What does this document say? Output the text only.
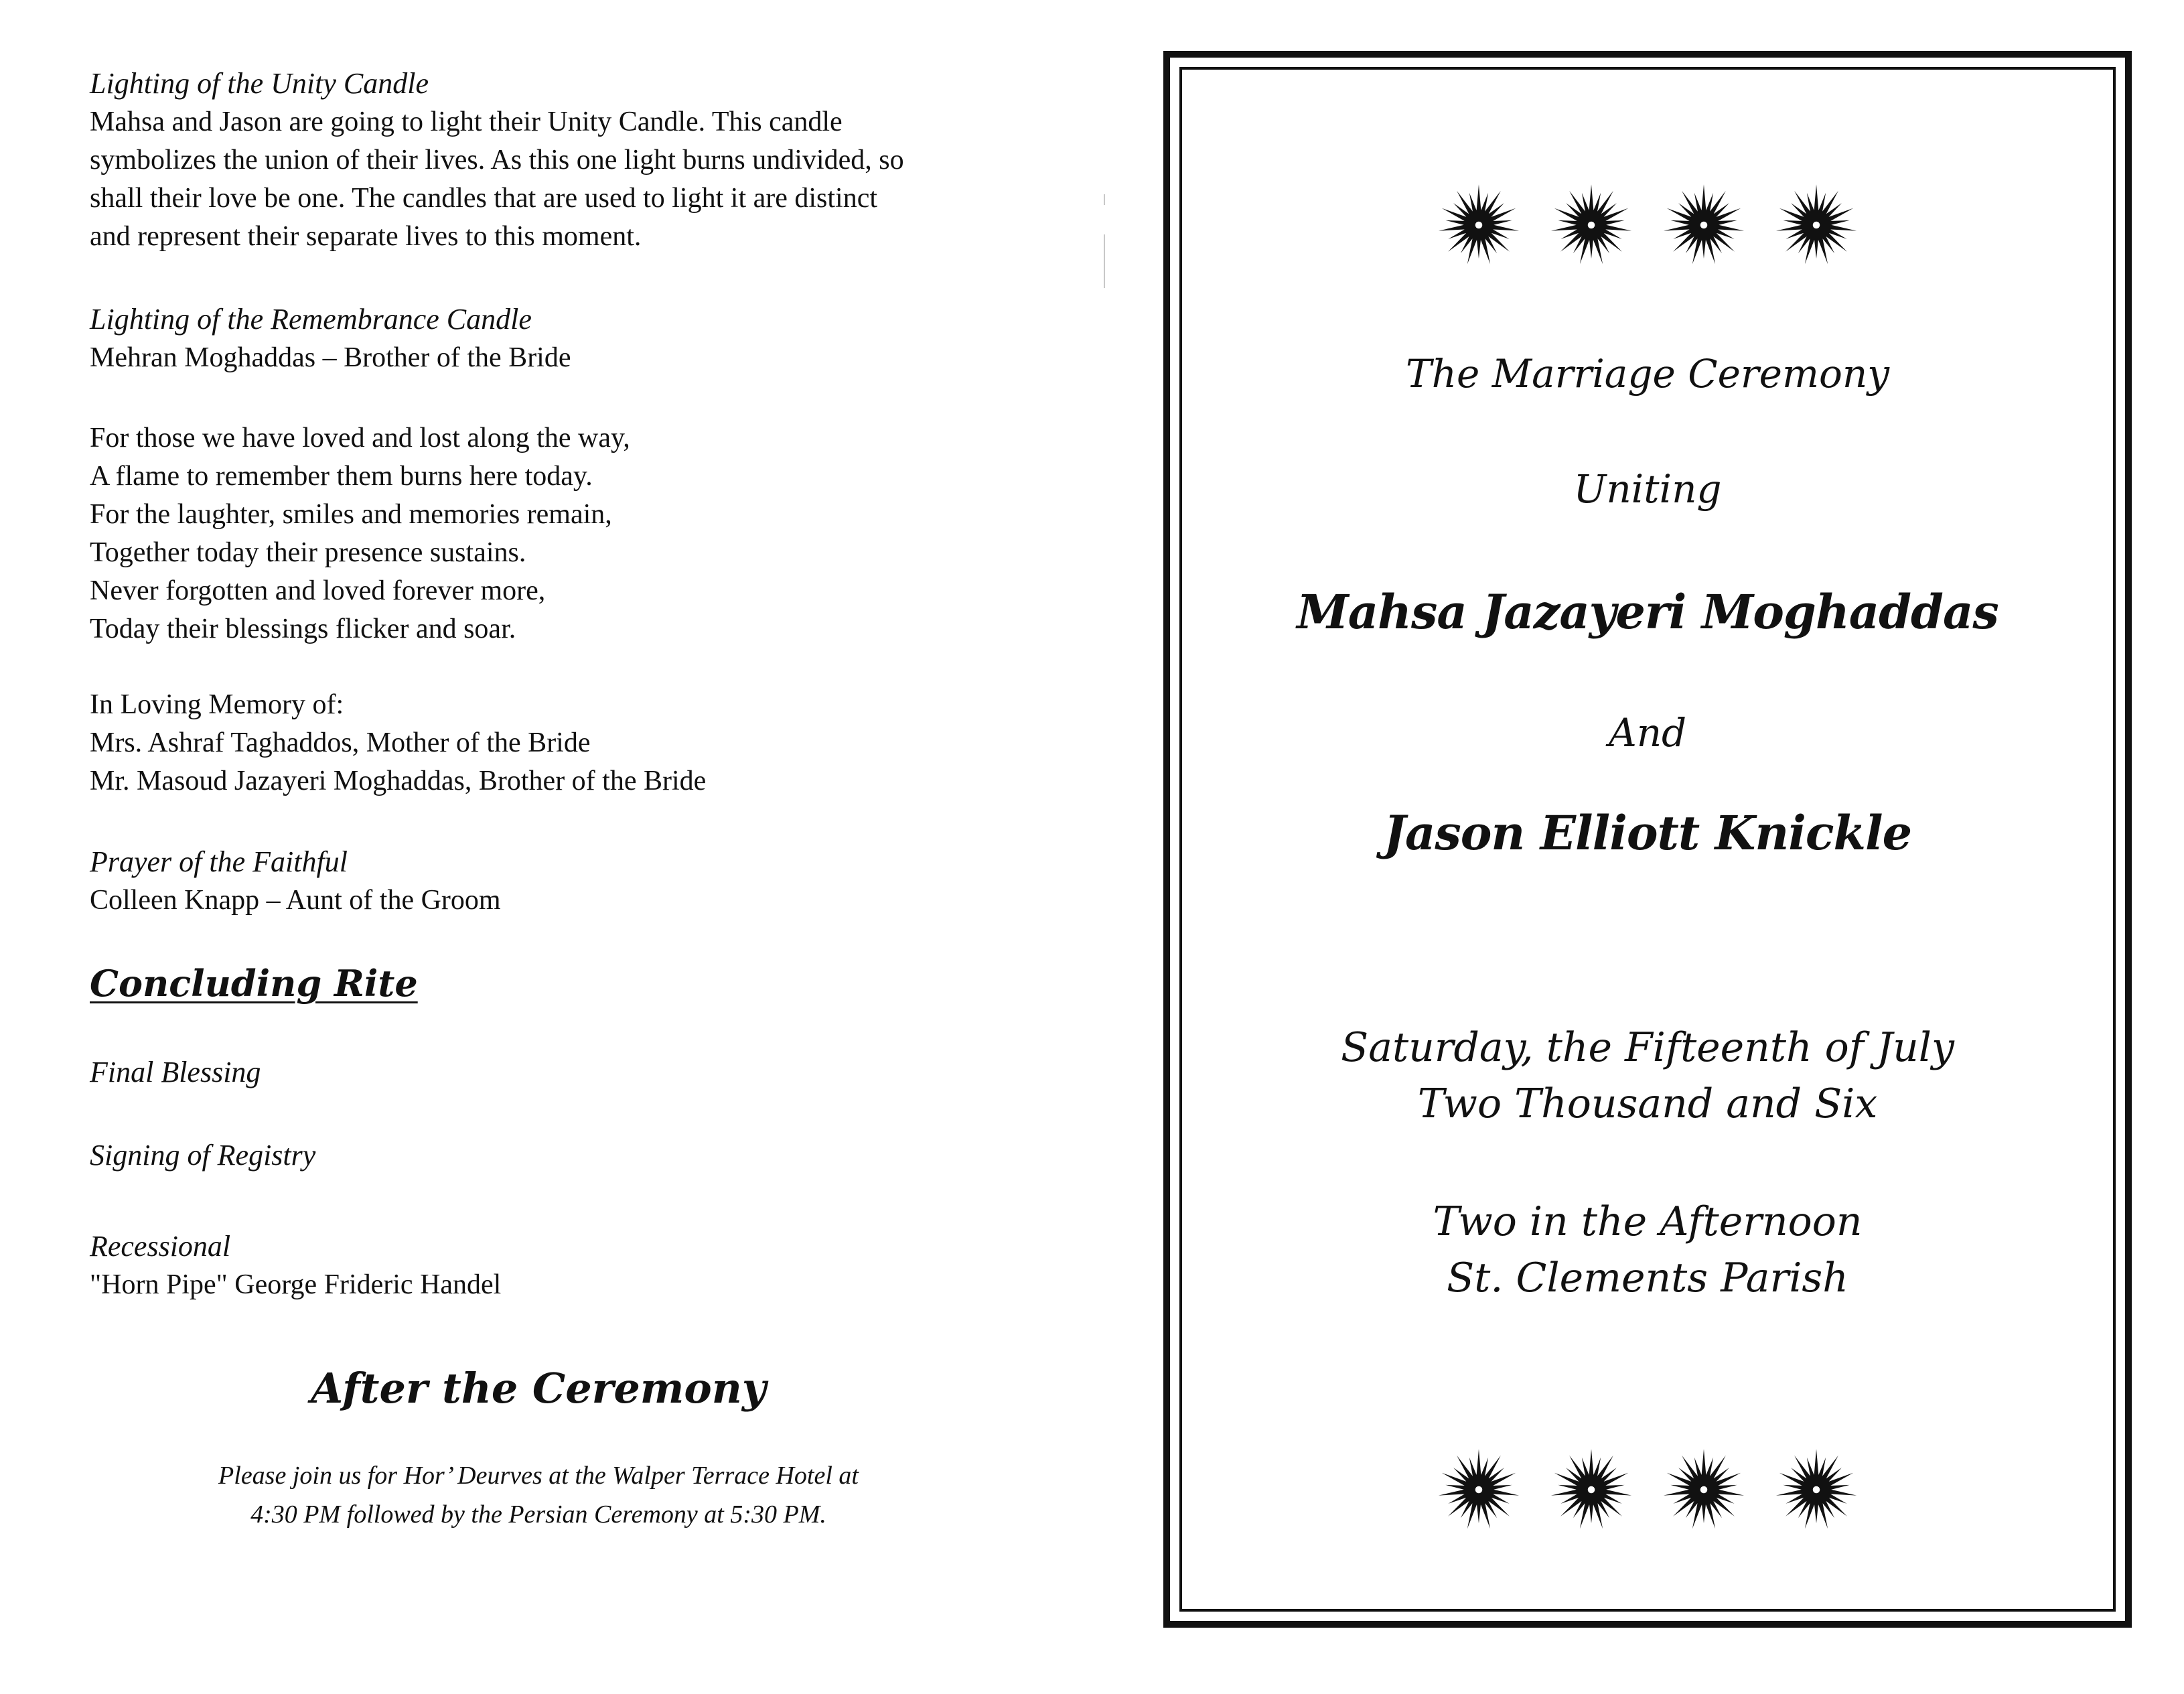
Lighting of the Unity Candle

Mahsa and Jason are going to light their Unity Candle. This candle

symbolizes the union of their lives. As this one light burns undivided, so

shall their love be one. The candles that are used to light it are distinct

and represent their separate lives to this moment.

Lighting of the Remembrance Candle

Mehran Moghaddas – Brother of the Bride

For those we have loved and lost along the way,

A flame to remember them burns here today.

For the laughter, smiles and memories remain,

Together today their presence sustains.

Never forgotten and loved forever more,

Today their blessings flicker and soar.

In Loving Memory of:

Mrs. Ashraf Taghaddos, Mother of the Bride

Mr. Masoud Jazayeri Moghaddas, Brother of the Bride

Prayer of the Faithful

Colleen Knapp – Aunt of the Groom

Concluding Rite

Final Blessing

Signing of Registry

Recessional

"Horn Pipe" George Frideric Handel

After the Ceremony

Please join us for Hor’ Deurves at the Walper Terrace Hotel at
4:30 PM followed by the Persian Ceremony at 5:30 PM.

The Marriage Ceremony

Uniting

Mahsa Jazayeri Moghaddas

And

Jason Elliott Knickle

Saturday, the Fifteenth of July
Two Thousand and Six
Two in the Afternoon
St. Clements Parish
